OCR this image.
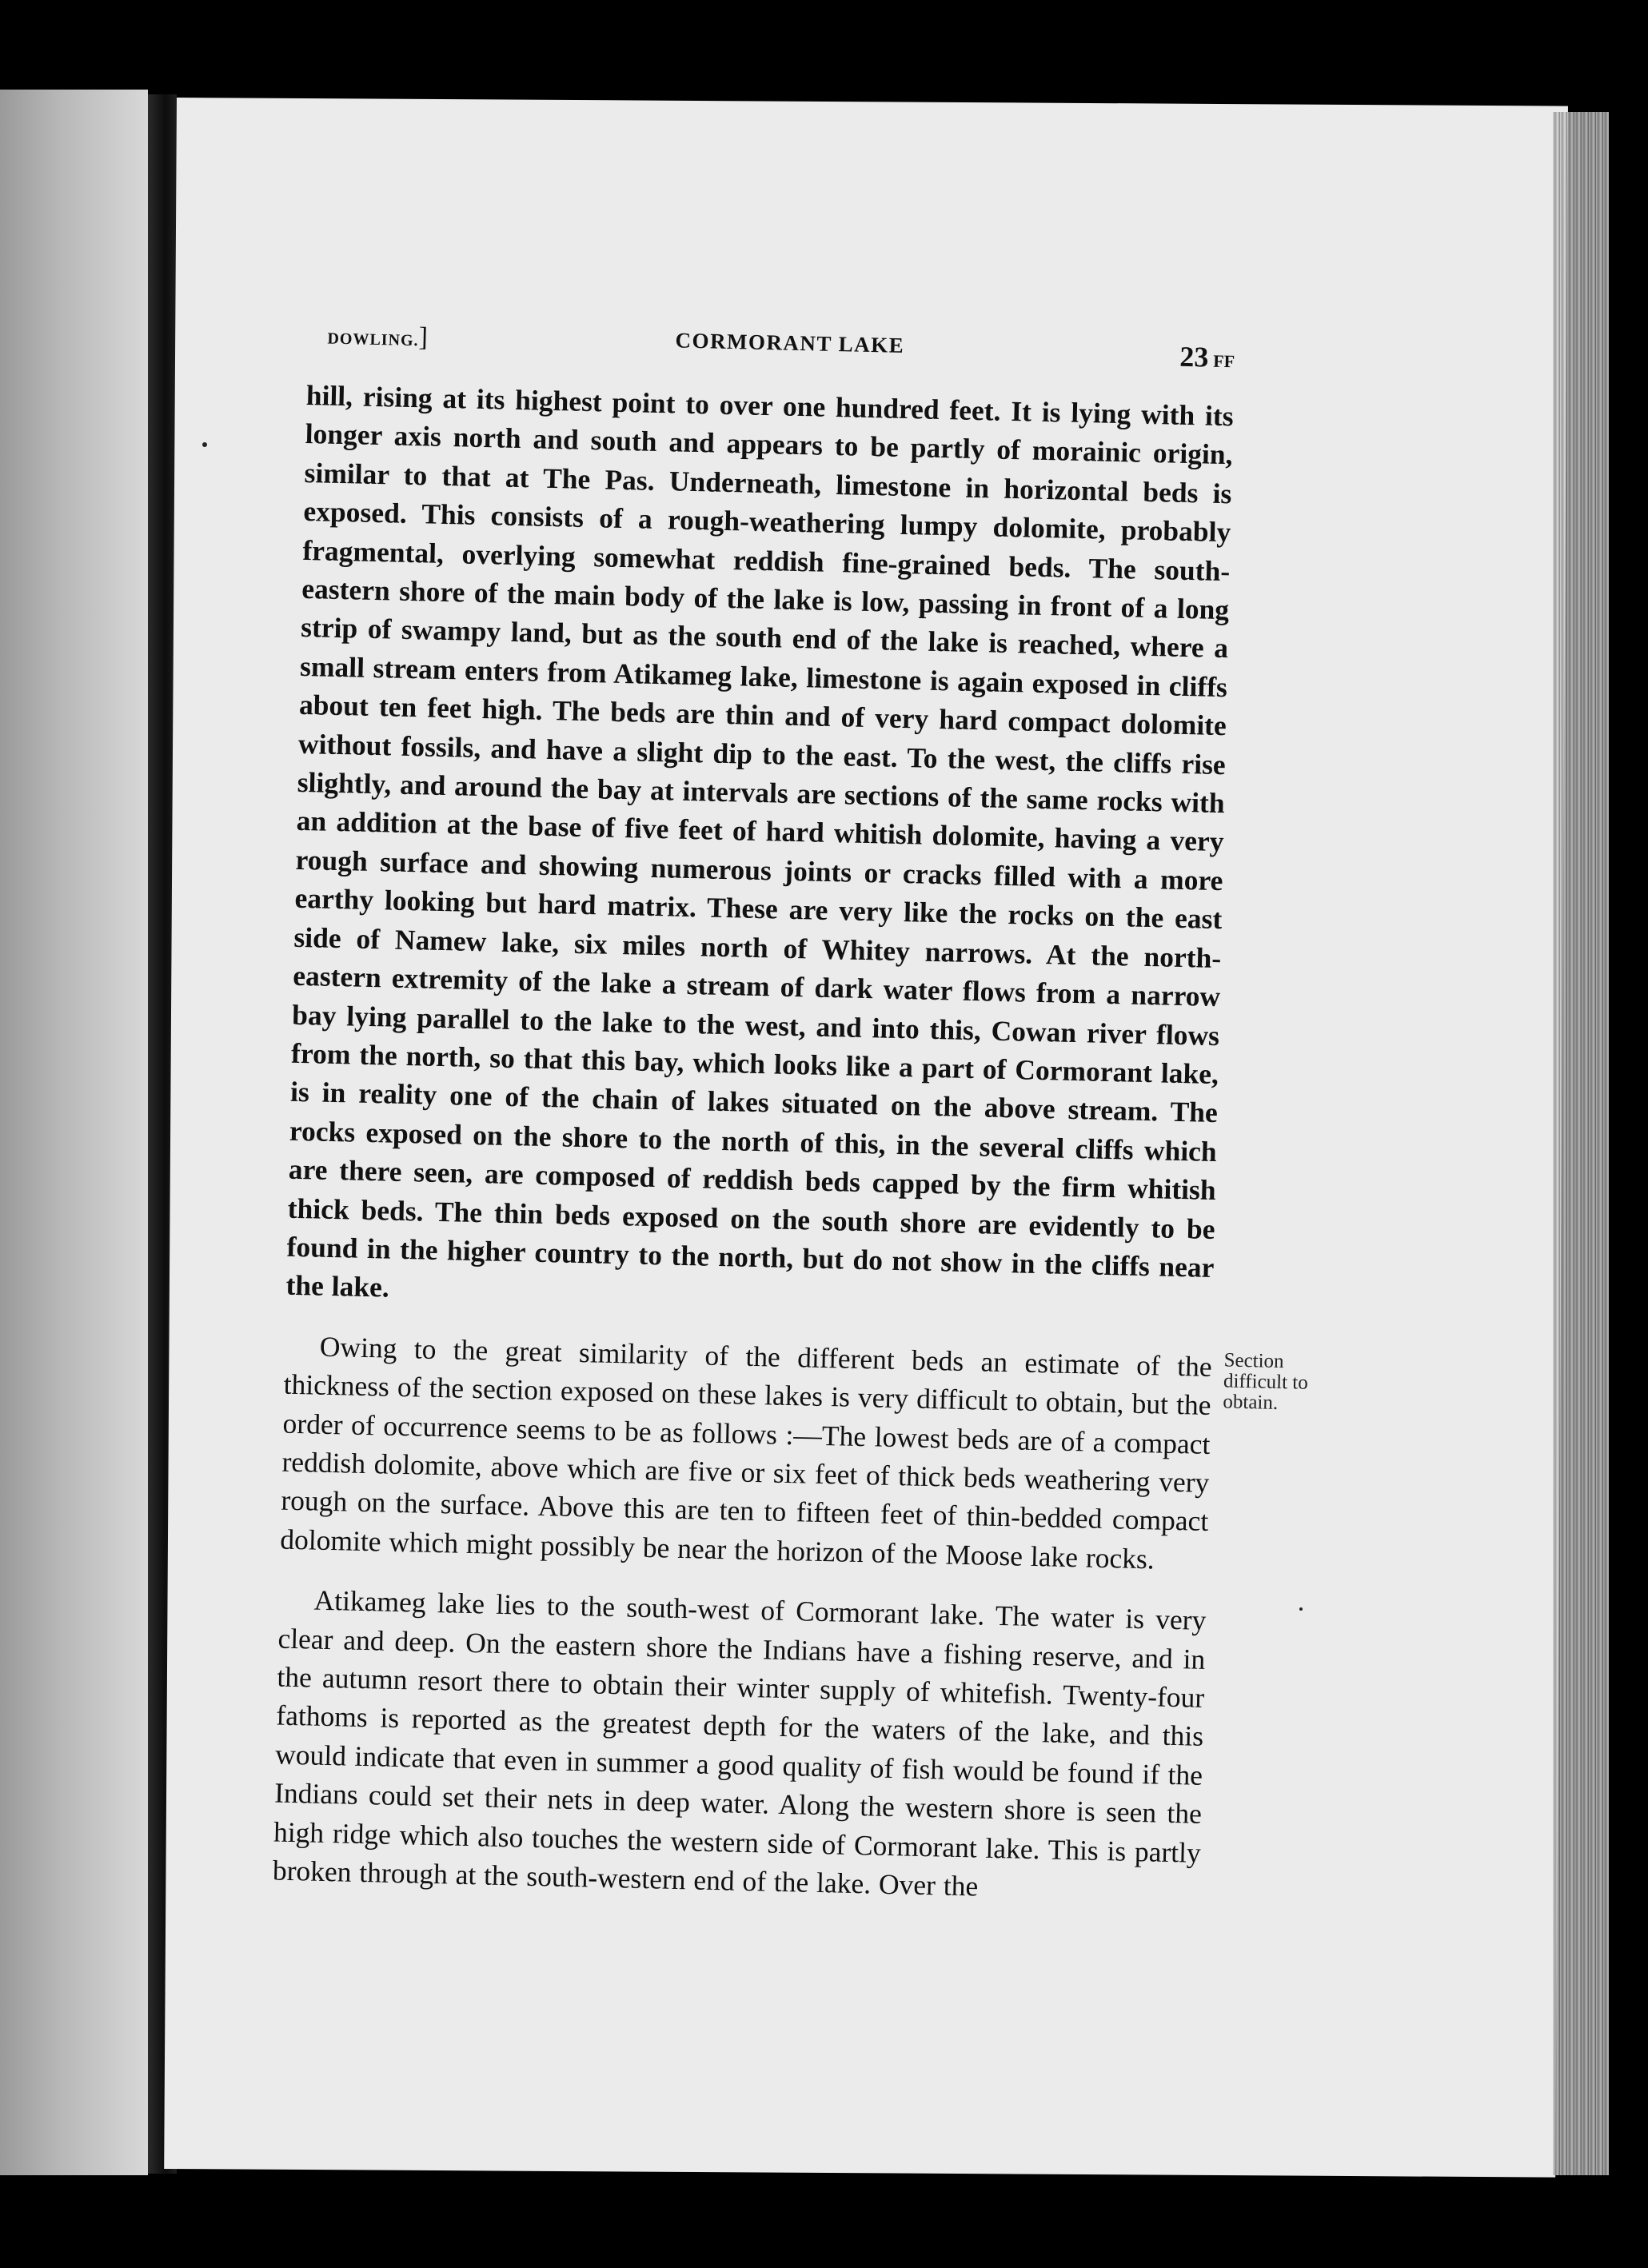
DOWLING.]	CORMORANT LAKE	23 FF

hill, rising at its highest point to over one hundred feet. It is lying with its longer axis north and south and appears to be partly of morainic origin, similar to that at The Pas. Underneath, limestone in horizontal beds is exposed. This consists of a rough-weathering lumpy dolomite, probably fragmental, overlying somewhat reddish fine-grained beds. The south-eastern shore of the main body of the lake is low, passing in front of a long strip of swampy land, but as the south end of the lake is reached, where a small stream enters from Atikameg lake, limestone is again exposed in cliffs about ten feet high. The beds are thin and of very hard compact dolomite without fossils, and have a slight dip to the east. To the west, the cliffs rise slightly, and around the bay at intervals are sections of the same rocks with an addition at the base of five feet of hard whitish dolomite, having a very rough surface and showing numerous joints or cracks filled with a more earthy looking but hard matrix. These are very like the rocks on the east side of Namew lake, six miles north of Whitey narrows. At the north-eastern extremity of the lake a stream of dark water flows from a narrow bay lying parallel to the lake to the west, and into this, Cowan river flows from the north, so that this bay, which looks like a part of Cormorant lake, is in reality one of the chain of lakes situated on the above stream. The rocks exposed on the shore to the north of this, in the several cliffs which are there seen, are composed of reddish beds capped by the firm whitish thick beds. The thin beds exposed on the south shore are evidently to be found in the higher country to the north, but do not show in the cliffs near the lake.

Owing to the great similarity of the different beds an estimate of the thickness of the section exposed on these lakes is very difficult to obtain, but the order of occurrence seems to be as follows :—The lowest beds are of a compact reddish dolomite, above which are five or six feet of thick beds weathering very rough on the surface. Above this are ten to fifteen feet of thin-bedded compact dolomite which might possibly be near the horizon of the Moose lake rocks.

Atikameg lake lies to the south-west of Cormorant lake. The water is very clear and deep. On the eastern shore the Indians have a fishing reserve, and in the autumn resort there to obtain their winter supply of whitefish. Twenty-four fathoms is reported as the greatest depth for the waters of the lake, and this would indicate that even in summer a good quality of fish would be found if the Indians could set their nets in deep water. Along the western shore is seen the high ridge which also touches the western side of Cormorant lake. This is partly broken through at the south-western end of the lake. Over the

Section difficult to obtain.
